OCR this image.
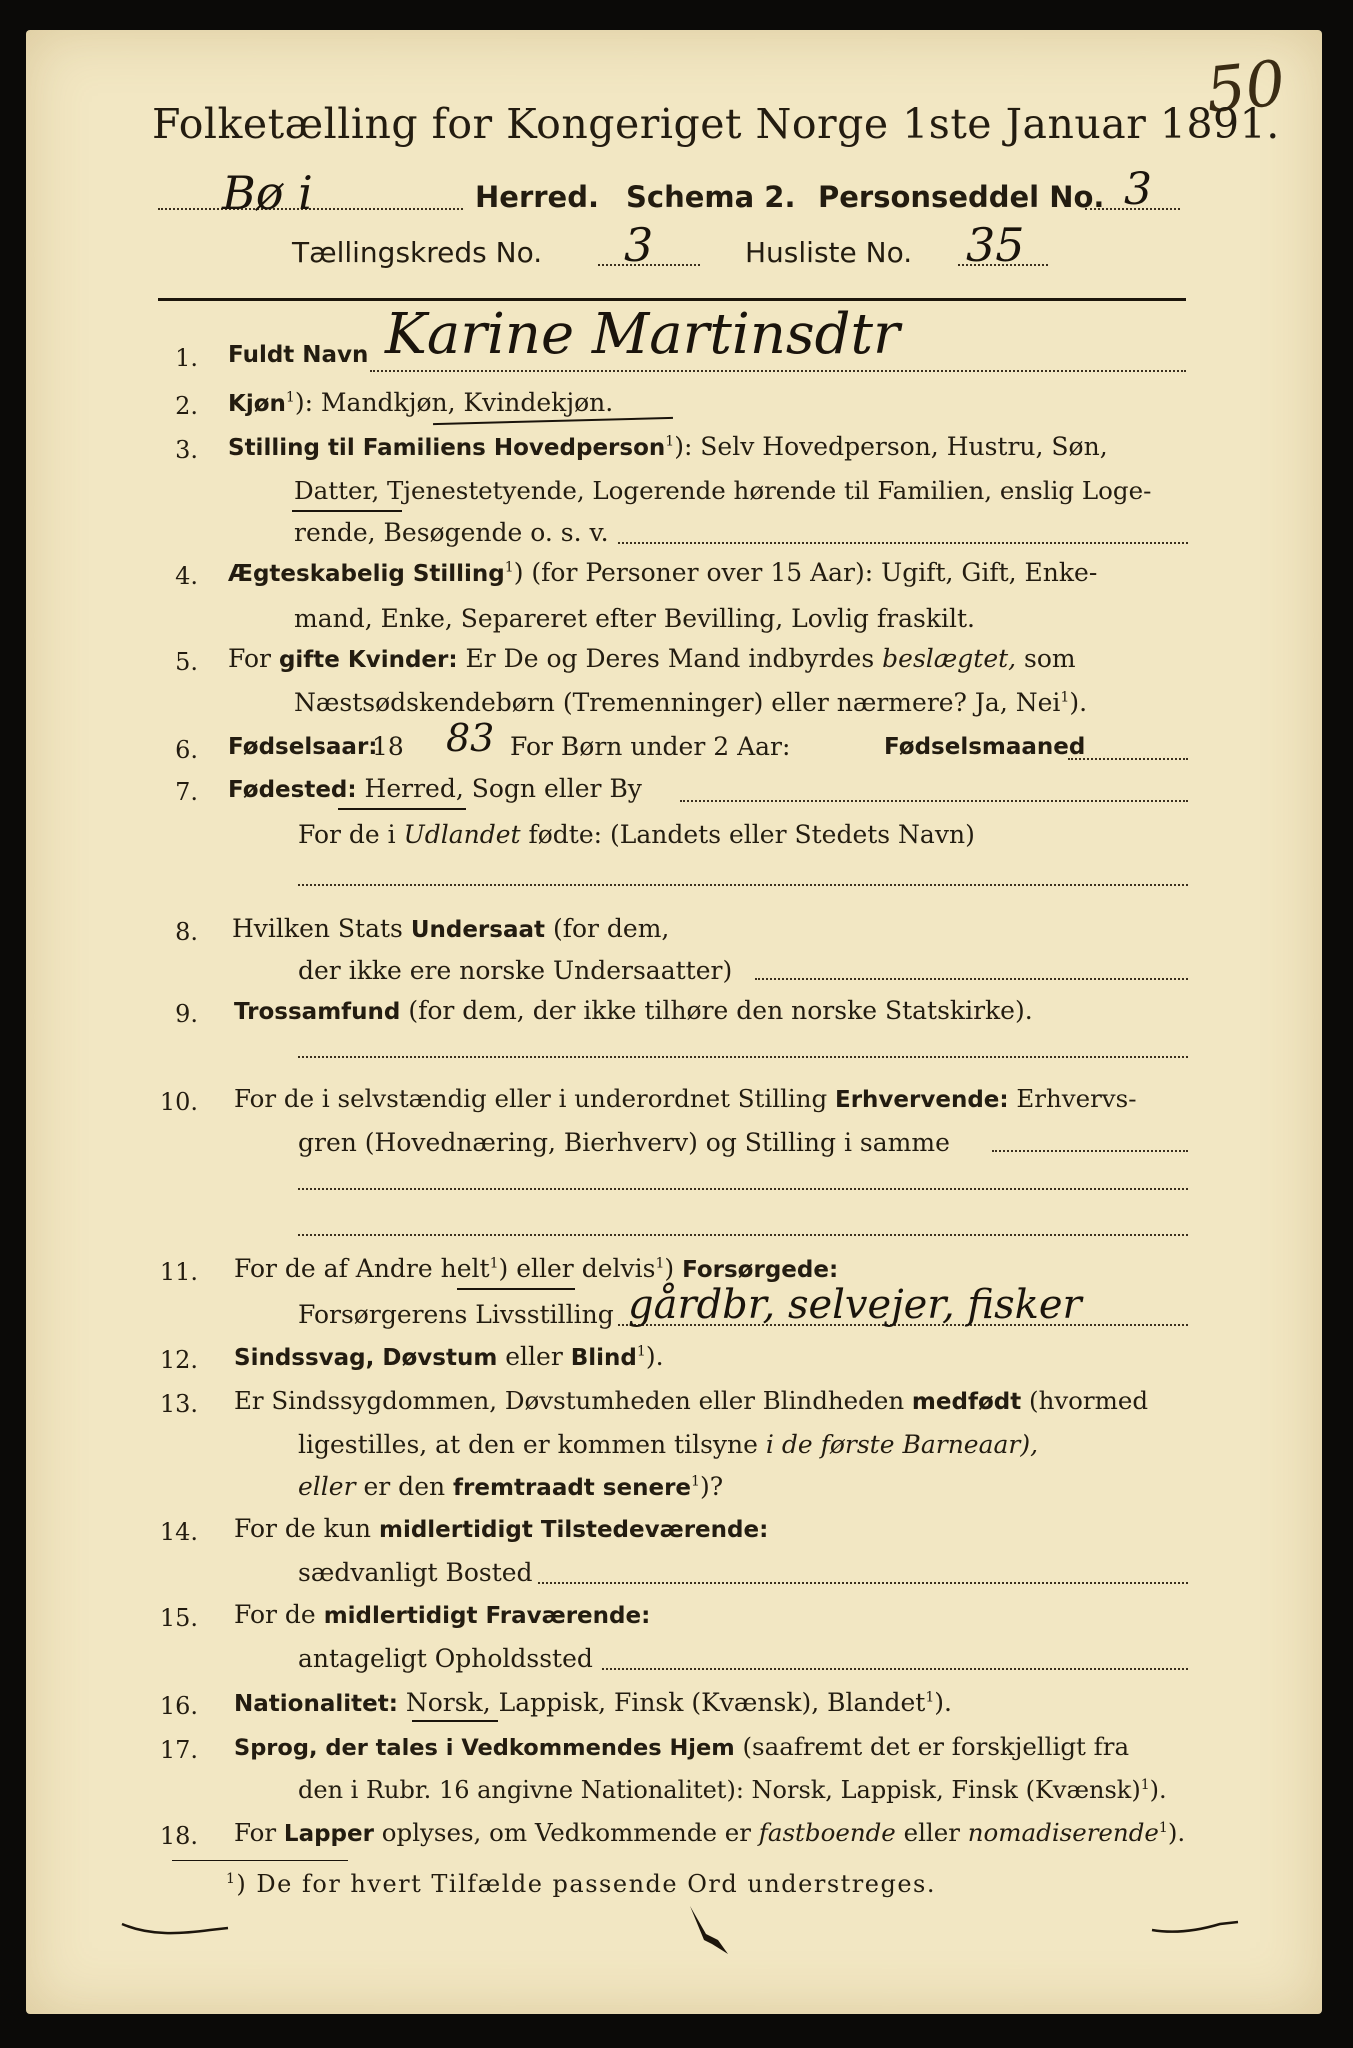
50
Folketælling for Kongeriget Norge 1ste Januar 1891.
Bø i	Herred. Schema 2. Personseddel No. 3
Tællingskreds No. 3	Husliste No. 35
1. Fuldt Navn Karine Martinsdtr
2. Kjøn$^1$): Mandkjøn, Kvindekjøn.
3. Stilling til Familiens Hovedperson$^1$): Selv Hovedperson, Hustru, Søn,
Datter, Tjenestetyende, Logerende hørende til Familien, enslig Loge-
rende, Besøgende o. s. v.
4. Ægteskabelig Stilling$^1$) (for Personer over 15 Aar): Ugift, Gift, Enke-
mand, Enke, Separeret efter Bevilling, Lovlig fraskilt.
5. For gifte Kvinder: Er De og Deres Mand indbyrdes beslægtet, som
Næstsødskendebørn (Tremenninger) eller nærmere? Ja, Nei$^1$).
6. Fødselsaar:
18 83 For Børn under 2 Aar:	Fødselsmaaned
7. Fødested: Herred, Sogn eller By
For de i Udlandet fødte: (Landets eller Stedets Navn)
8. Hvilken Stats Undersaat (for dem,
der ikke ere norske Undersaatter)
9. Trossamfund (for dem, der ikke tilhøre den norske Statskirke).
10. For de i selvstændig eller i underordnet Stilling Erhvervende: Erhvervs-
gren (Hovednæring, Bierhverv) og Stilling i samme
11. For de af Andre helt$^1$) eller delvis$^1$) Forsørgede:
Forsørgerens Livsstilling gårdbr, selvejer, fisker
12. Sindssvag, Døvstum eller Blind$^1$).
13. Er Sindssygdommen, Døvstumheden eller Blindheden medfødt (hvormed
ligestilles, at den er kommen tilsyne i de første Barneaar),
eller er den fremtraadt senere$^1$)?
14. For de kun midlertidigt Tilstedeværende:
sædvanligt Bosted
15. For de midlertidigt Fraværende:
antageligt Opholdssted
16. Nationalitet: Norsk, Lappisk, Finsk (Kvænsk), Blandet$^1$).
17. Sprog, der tales i Vedkommendes Hjem (saafremt det er forskjelligt fra
den i Rubr. 16 angivne Nationalitet): Norsk, Lappisk, Finsk (Kvænsk)$^1$).
18. For Lapper oplyses, om Vedkommende er fastboende eller nomadiserende$^1$).
$^1$) De for hvert Tilfælde passende Ord understreges.
